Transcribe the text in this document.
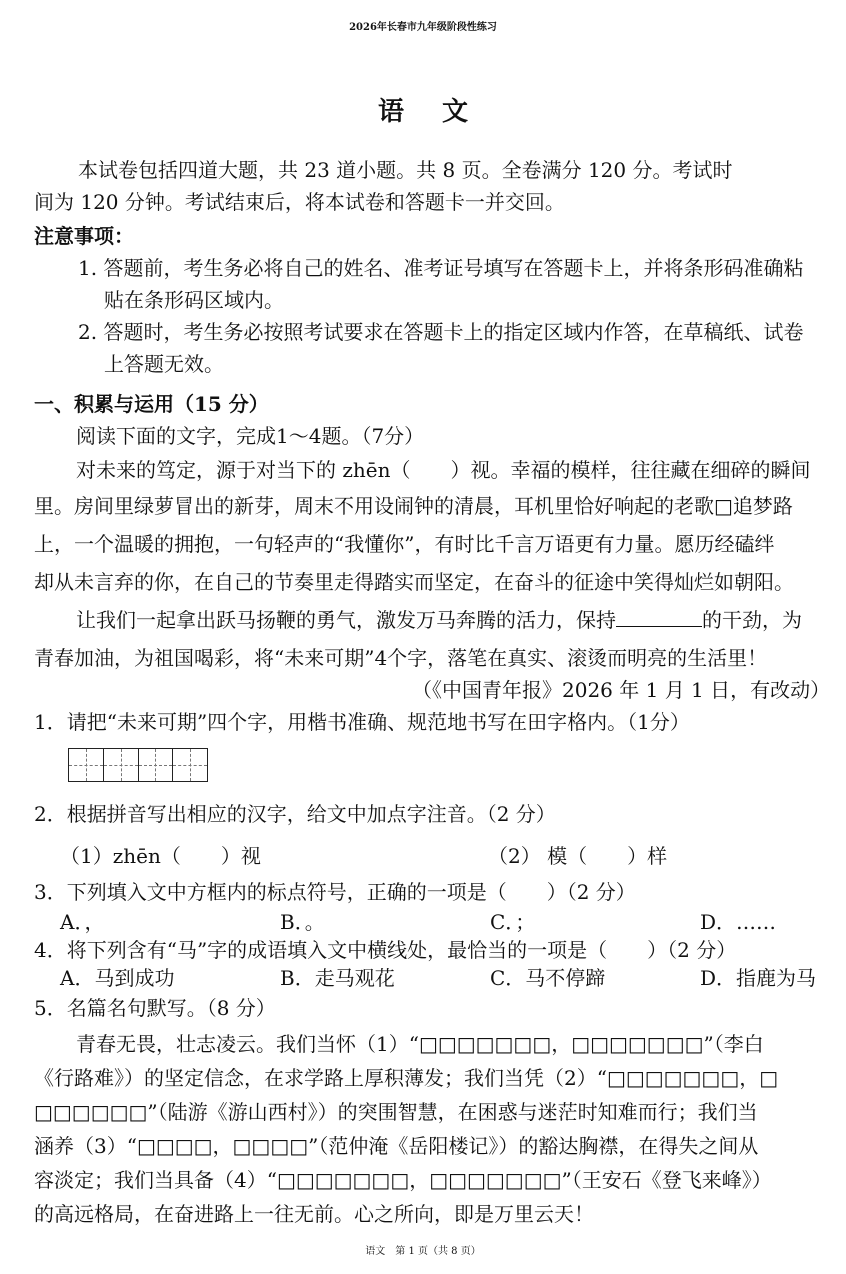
2026年长春市九年级阶段性练习
语文
本试卷包括四道大题，共 23 道小题。共 8 页。全卷满分 120 分。考试时
间为 120 分钟。考试结束后，将本试卷和答题卡一并交回。
注意事项：
1. 答题前，考生务必将自己的姓名、准考证号填写在答题卡上，并将条形码准确粘
贴在条形码区域内。
2. 答题时，考生务必按照考试要求在答题卡上的指定区域内作答，在草稿纸、试卷
上答题无效。
一、积累与运用（15 分）
阅读下面的文字，完成1～4题。（7分）
对未来的笃定，源于对当下的 zhēn（　　）视。幸福的模样，往往藏在细碎的瞬间
里。房间里绿萝冒出的新芽，周末不用设闹钟的清晨，耳机里恰好响起的老歌□追梦路
上，一个温暖的拥抱，一句轻声的“我懂你”，有时比千言万语更有力量。愿历经磕绊
却从未言弃的你，在自己的节奏里走得踏实而坚定，在奋斗的征途中笑得灿烂如朝阳。
让我们一起拿出跃马扬鞭的勇气，激发万马奔腾的活力，保持	的干劲，为
青春加油，为祖国喝彩，将“未来可期”4个字，落笔在真实、滚烫而明亮的生活里！
（《中国青年报》2026 年 1 月 1 日，有改动）
1．请把“未来可期”四个字，用楷书准确、规范地书写在田字格内。（1分）
2．根据拼音写出相应的汉字，给文中加点字注音。（2 分）
（1）zhēn（　　）视	（2） 模（　　）样
3．下列填入文中方框内的标点符号，正确的一项是（　　）（2 分）
A．，	B．。	C．；	D．……
4．将下列含有“马”字的成语填入文中横线处，最恰当的一项是（　　）（2 分）
A．马到成功	B．走马观花	C．马不停蹄	D．指鹿为马
5．名篇名句默写。（8 分）
青春无畏，壮志凌云。我们当怀（1）“□□□□□□□，□□□□□□□”（李白
《行路难》）的坚定信念，在求学路上厚积薄发；我们当凭（2）“□□□□□□□，□
□□□□□□”（陆游《游山西村》）的突围智慧，在困惑与迷茫时知难而行；我们当
涵养（3）“□□□□，□□□□”（范仲淹《岳阳楼记》）的豁达胸襟，在得失之间从
容淡定；我们当具备（4）“□□□□□□□，□□□□□□□”（王安石《登飞来峰》）
的高远格局，在奋进路上一往无前。心之所向，即是万里云天！
语文　第 1 页（共 8 页）
